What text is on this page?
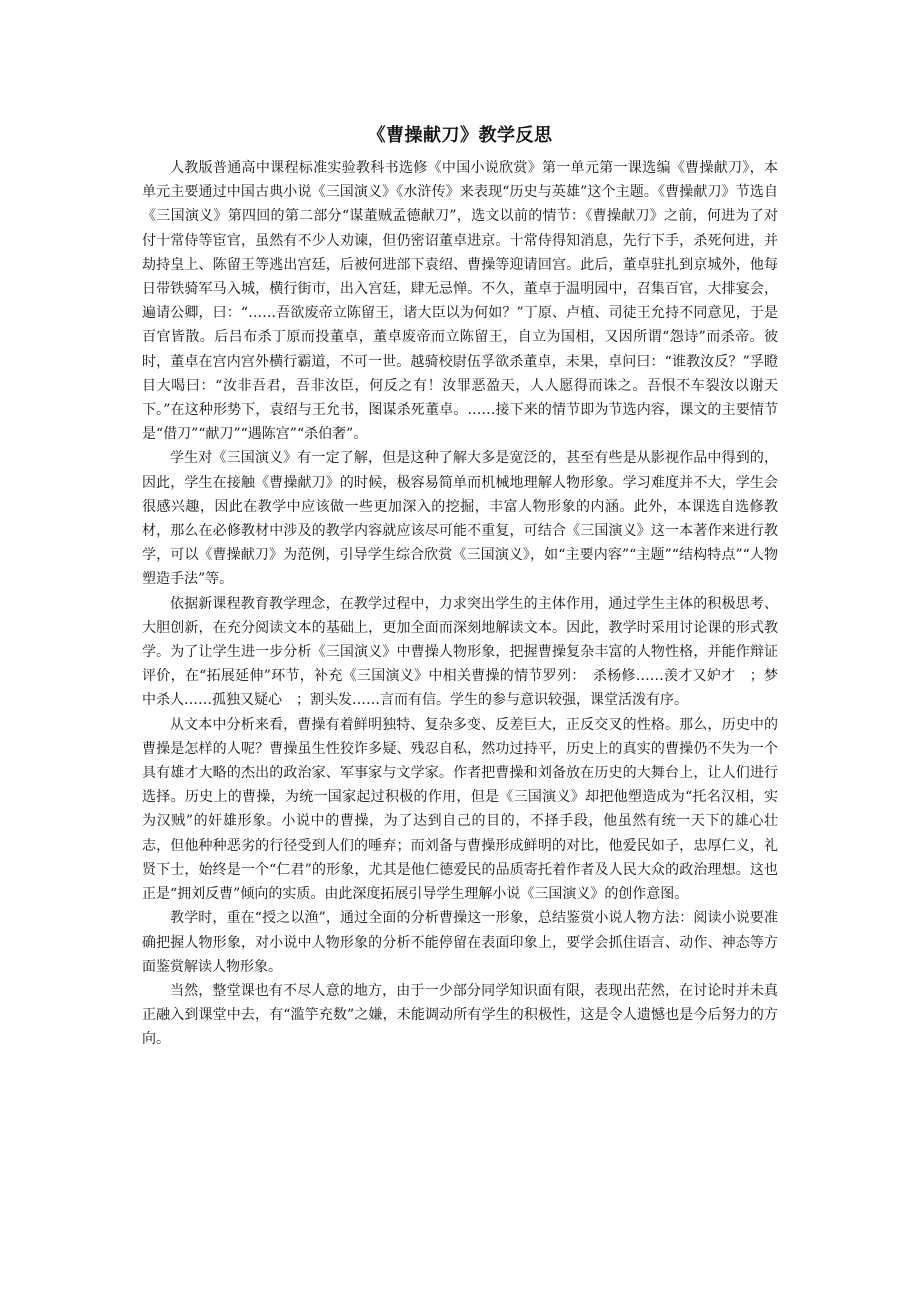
《曹操献刀》教学反思

人教版普通高中课程标准实验教科书选修《中国小说欣赏》第一单元第一课选编《曹操献刀》，本单元主要通过中国古典小说《三国演义》《水浒传》来表现“历史与英雄”这个主题。《曹操献刀》节选自《三国演义》第四回的第二部分“谋董贼孟德献刀”，选文以前的情节：《曹操献刀》之前，何进为了对付十常侍等宦官，虽然有不少人劝谏，但仍密诏董卓进京。十常侍得知消息，先行下手，杀死何进，并劫持皇上、陈留王等逃出宫廷，后被何进部下袁绍、曹操等迎请回宫。此后，董卓驻扎到京城外，他每日带铁骑军马入城，横行街市，出入宫廷，肆无忌惮。不久，董卓于温明园中，召集百官，大排宴会，遍请公卿，曰：“……吾欲废帝立陈留王，诸大臣以为何如？”丁原、卢植、司徒王允持不同意见，于是百官皆散。后吕布杀丁原而投董卓，董卓废帝而立陈留王，自立为国相，又因所谓“怨诗”而杀帝。彼时，董卓在宫内宫外横行霸道，不可一世。越骑校尉伍孚欲杀董卓，未果，卓问曰：“谁教汝反？”孚瞪目大喝曰：“汝非吾君，吾非汝臣，何反之有！汝罪恶盈天，人人愿得而诛之。吾恨不车裂汝以谢天下。”在这种形势下，袁绍与王允书，图谋杀死董卓。……接下来的情节即为节选内容，课文的主要情节是“借刀”“献刀”“遇陈宫”“杀伯奢”。

学生对《三国演义》有一定了解，但是这种了解大多是宽泛的，甚至有些是从影视作品中得到的，因此，学生在接触《曹操献刀》的时候，极容易简单而机械地理解人物形象。学习难度并不大，学生会很感兴趣，因此在教学中应该做一些更加深入的挖掘，丰富人物形象的内涵。此外，本课选自选修教材，那么在必修教材中涉及的教学内容就应该尽可能不重复，可结合《三国演义》这一本著作来进行教学，可以《曹操献刀》为范例，引导学生综合欣赏《三国演义》，如“主要内容”“主题”“结构特点”“人物塑造手法”等。

依据新课程教育教学理念，在教学过程中，力求突出学生的主体作用，通过学生主体的积极思考、大胆创新，在充分阅读文本的基础上，更加全面而深刻地解读文本。因此，教学时采用讨论课的形式教学。为了让学生进一步分析《三国演义》中曹操人物形象，把握曹操复杂丰富的人物性格，并能作辩证评价，在“拓展延伸”环节，补充《三国演义》中相关曹操的情节罗列：　杀杨修……羡才又妒才　；梦中杀人……孤独又疑心　；割头发……言而有信。学生的参与意识较强，课堂活泼有序。

从文本中分析来看，曹操有着鲜明独特、复杂多变、反差巨大，正反交叉的性格。那么，历史中的曹操是怎样的人呢？曹操虽生性狡诈多疑、残忍自私，然功过持平，历史上的真实的曹操仍不失为一个具有雄才大略的杰出的政治家、军事家与文学家。作者把曹操和刘备放在历史的大舞台上，让人们进行选择。历史上的曹操，为统一国家起过积极的作用，但是《三国演义》却把他塑造成为“托名汉相，实为汉贼”的奸雄形象。小说中的曹操，为了达到自己的目的，不择手段，他虽然有统一天下的雄心壮志，但他种种恶劣的行径受到人们的唾弃；而刘备与曹操形成鲜明的对比，他爱民如子，忠厚仁义，礼贤下士，始终是一个“仁君”的形象，尤其是他仁德爱民的品质寄托着作者及人民大众的政治理想。这也正是“拥刘反曹”倾向的实质。由此深度拓展引导学生理解小说《三国演义》的创作意图。

教学时，重在“授之以渔”，通过全面的分析曹操这一形象，总结鉴赏小说人物方法：阅读小说要准确把握人物形象，对小说中人物形象的分析不能停留在表面印象上，要学会抓住语言、动作、神态等方面鉴赏解读人物形象。

当然，整堂课也有不尽人意的地方，由于一少部分同学知识面有限，表现出茫然，在讨论时并未真正融入到课堂中去，有“滥竽充数”之嫌，未能调动所有学生的积极性，这是令人遗憾也是今后努力的方向。
